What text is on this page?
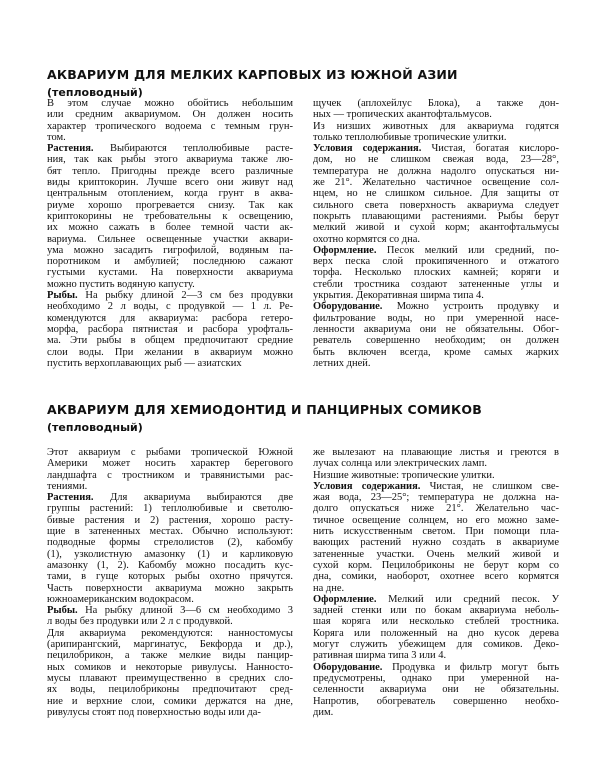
АКВАРИУМ ДЛЯ МЕЛКИХ КАРПОВЫХ ИЗ ЮЖНОЙ АЗИИ
(тепловодный)
В этом случае можно обойтись небольшим
или средним аквариумом. Он должен носить
характер тропического водоема с темным грун-
том.
Растения. Выбираются теплолюбивые расте-
ния, так как рыбы этого аквариума также лю-
бят тепло. Пригодны прежде всего различные
виды криптокорин. Лучше всего они живут над
центральным отоплением, когда грунт в аква-
риуме хорошо прогревается снизу. Так как
криптокорины не требовательны к освещению,
их можно сажать в более темной части ак-
вариума. Сильнее освещенные участки аквари-
ума можно засадить гигрофилой, водяным па-
поротником и амбулией; последнюю сажают
густыми кустами. На поверхности аквариума
можно пустить водяную капусту.
Рыбы. На рыбку длиной 2—3 см без продувки
необходимо 2 л воды, с продувкой — 1 л. Ре-
комендуются для аквариума: расбора гетеро-
морфа, расбора пятнистая и расбора урофталь-
ма. Эти рыбы в общем предпочитают средние
слои воды. При желании в аквариум можно
пустить верхоплавающих рыб — азиатских
щучек (аплохейлус Блока), а также дон-
ных — тропических акантофтальмусов.
Из низших животных для аквариума годятся
только теплолюбивые тропические улитки.
Условия содержания. Чистая, богатая кислоро-
дом, но не слишком свежая вода, 23—28°,
температура не должна надолго опускаться ни-
же 21°. Желательно частичное освещение сол-
нцем, но не слишком сильное. Для защиты от
сильного света поверхность аквариума следует
покрыть плавающими растениями. Рыбы берут
мелкий живой и сухой корм; акантофтальмусы
охотно кормятся со дна.
Оформление. Песок мелкий или средний, по-
верх песка слой прокипяченного и отжатого
торфа. Несколько плоских камней; коряги и
стебли тростника создают затененные углы и
укрытия. Декоративная ширма типа 4.
Оборудование. Можно устроить продувку и
фильтрование воды, но при умеренной насе-
ленности аквариума они не обязательны. Обог-
реватель совершенно необходим; он должен
быть включен всегда, кроме самых жарких
летних дней.
АКВАРИУМ ДЛЯ ХЕМИОДОНТИД И ПАНЦИРНЫХ СОМИКОВ
(тепловодный)
Этот аквариум с рыбами тропической Южной
Америки может носить характер берегового
ландшафта с тростником и травянистыми рас-
тениями.
Растения. Для аквариума выбираются две
группы растений: 1) теплолюбивые и светолю-
бивые растения и 2) растения, хорошо расту-
щие в затененных местах. Обычно используют:
подводные формы стрелолистов (2), кабомбу
(1), узколистную амазонку (1) и карликовую
амазонку (1, 2). Кабомбу можно посадить кус-
тами, в гуще которых рыбы охотно прячутся.
Часть поверхности аквариума можно закрыть
южноамериканским водокрасом.
Рыбы. На рыбку длиной 3—6 см необходимо 3
л воды без продувки или 2 л с продувкой.
Для аквариума рекомендуются: нанностомусы
(арипирангский, маргинатус, Бекфорда и др.),
пецилобрикон, а также мелкие виды панцир-
ных сомиков и некоторые ривулусы. Нанносто-
мусы плавают преимущественно в средних сло-
ях воды, пецилобриконы предпочитают сред-
ние и верхние слои, сомики держатся на дне,
ривулусы стоят под поверхностью воды или да-
же вылезают на плавающие листья и греются в
лучах солнца или электрических ламп.
Низшие животные: тропические улитки.
Условия содержания. Чистая, не слишком све-
жая вода, 23—25°; температура не должна на-
долго опускаться ниже 21°. Желательно час-
тичное освещение солнцем, но его можно заме-
нить искусственным светом. При помощи пла-
вающих растений нужно создать в аквариуме
затененные участки. Очень мелкий живой и
сухой корм. Пецилобриконы не берут корм со
дна, сомики, наоборот, охотнее всего кормятся
на дне.
Оформление. Мелкий или средний песок. У
задней стенки или по бокам аквариума неболь-
шая коряга или несколько стеблей тростника.
Коряга или положенный на дно кусок дерева
могут служить убежищем для сомиков. Деко-
ративная ширма типа 3 или 4.
Оборудование. Продувка и фильтр могут быть
предусмотрены, однако при умеренной на-
селенности аквариума они не обязательны.
Напротив, обогреватель совершенно необхо-
дим.
